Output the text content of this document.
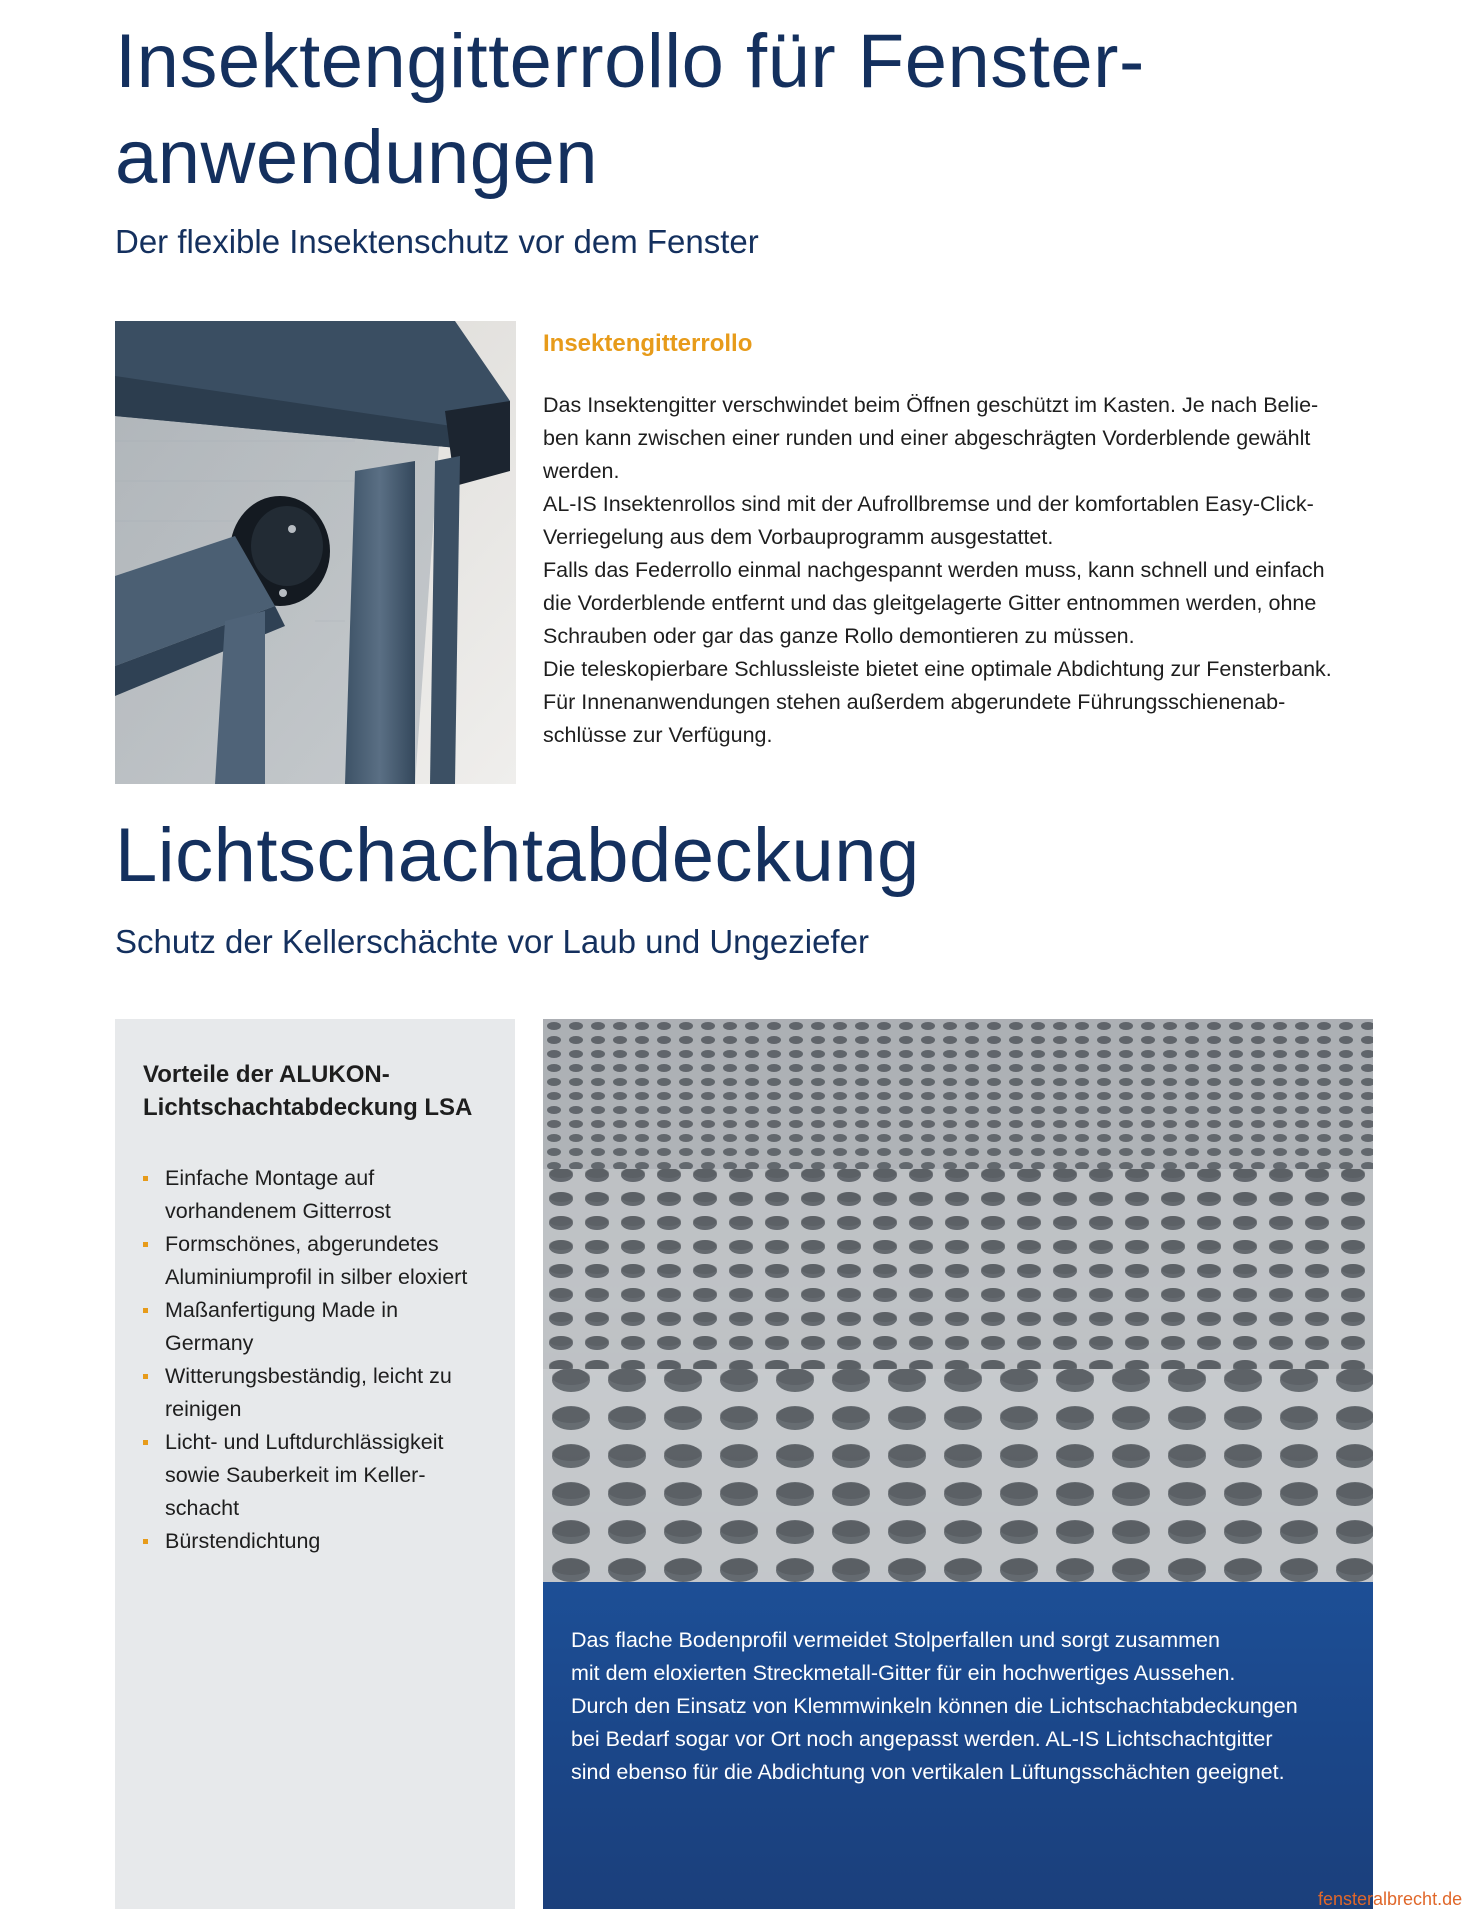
Insektengitterrollo für Fenster-
anwendungen
Der flexible Insektenschutz vor dem Fenster
Insektengitterrollo

Das Insektengitter verschwindet beim Öffnen geschützt im Kasten. Je nach Belie-

ben kann zwischen einer runden und einer abgeschrägten Vorderblende gewählt

werden.

AL-IS Insektenrollos sind mit der Aufrollbremse und der komfortablen Easy-Click-

Verriegelung aus dem Vorbauprogramm ausgestattet.

Falls das Federrollo einmal nachgespannt werden muss, kann schnell und einfach

die Vorderblende entfernt und das gleitgelagerte Gitter entnommen werden, ohne

Schrauben oder gar das ganze Rollo demontieren zu müssen.

Die teleskopierbare Schlussleiste bietet eine optimale Abdichtung zur Fensterbank.

Für Innenanwendungen stehen außerdem abgerundete Führungsschienenab-

schlüsse zur Verfügung.

Lichtschachtabdeckung
Schutz der Kellerschächte vor Laub und Ungeziefer
Vorteile der ALUKON-
Lichtschachtabdeckung LSA
Einfache Montage auf
vorhandenem Gitterrost
Formschönes, abgerundetes
Aluminiumprofil in silber eloxiert
Maßanfertigung Made in
Germany
Witterungsbeständig, leicht zu
reinigen
Licht- und Luftdurchlässigkeit
sowie Sauberkeit im Keller-
schacht
Bürstendichtung

Das flache Bodenprofil vermeidet Stolperfallen und sorgt zusammen

mit dem eloxierten Streckmetall-Gitter für ein hochwertiges Aussehen.

Durch den Einsatz von Klemmwinkeln können die Lichtschachtabdeckungen

bei Bedarf sogar vor Ort noch angepasst werden. AL-IS Lichtschachtgitter

sind ebenso für die Abdichtung von vertikalen Lüftungsschächten geeignet.

fensteralbrecht.de
